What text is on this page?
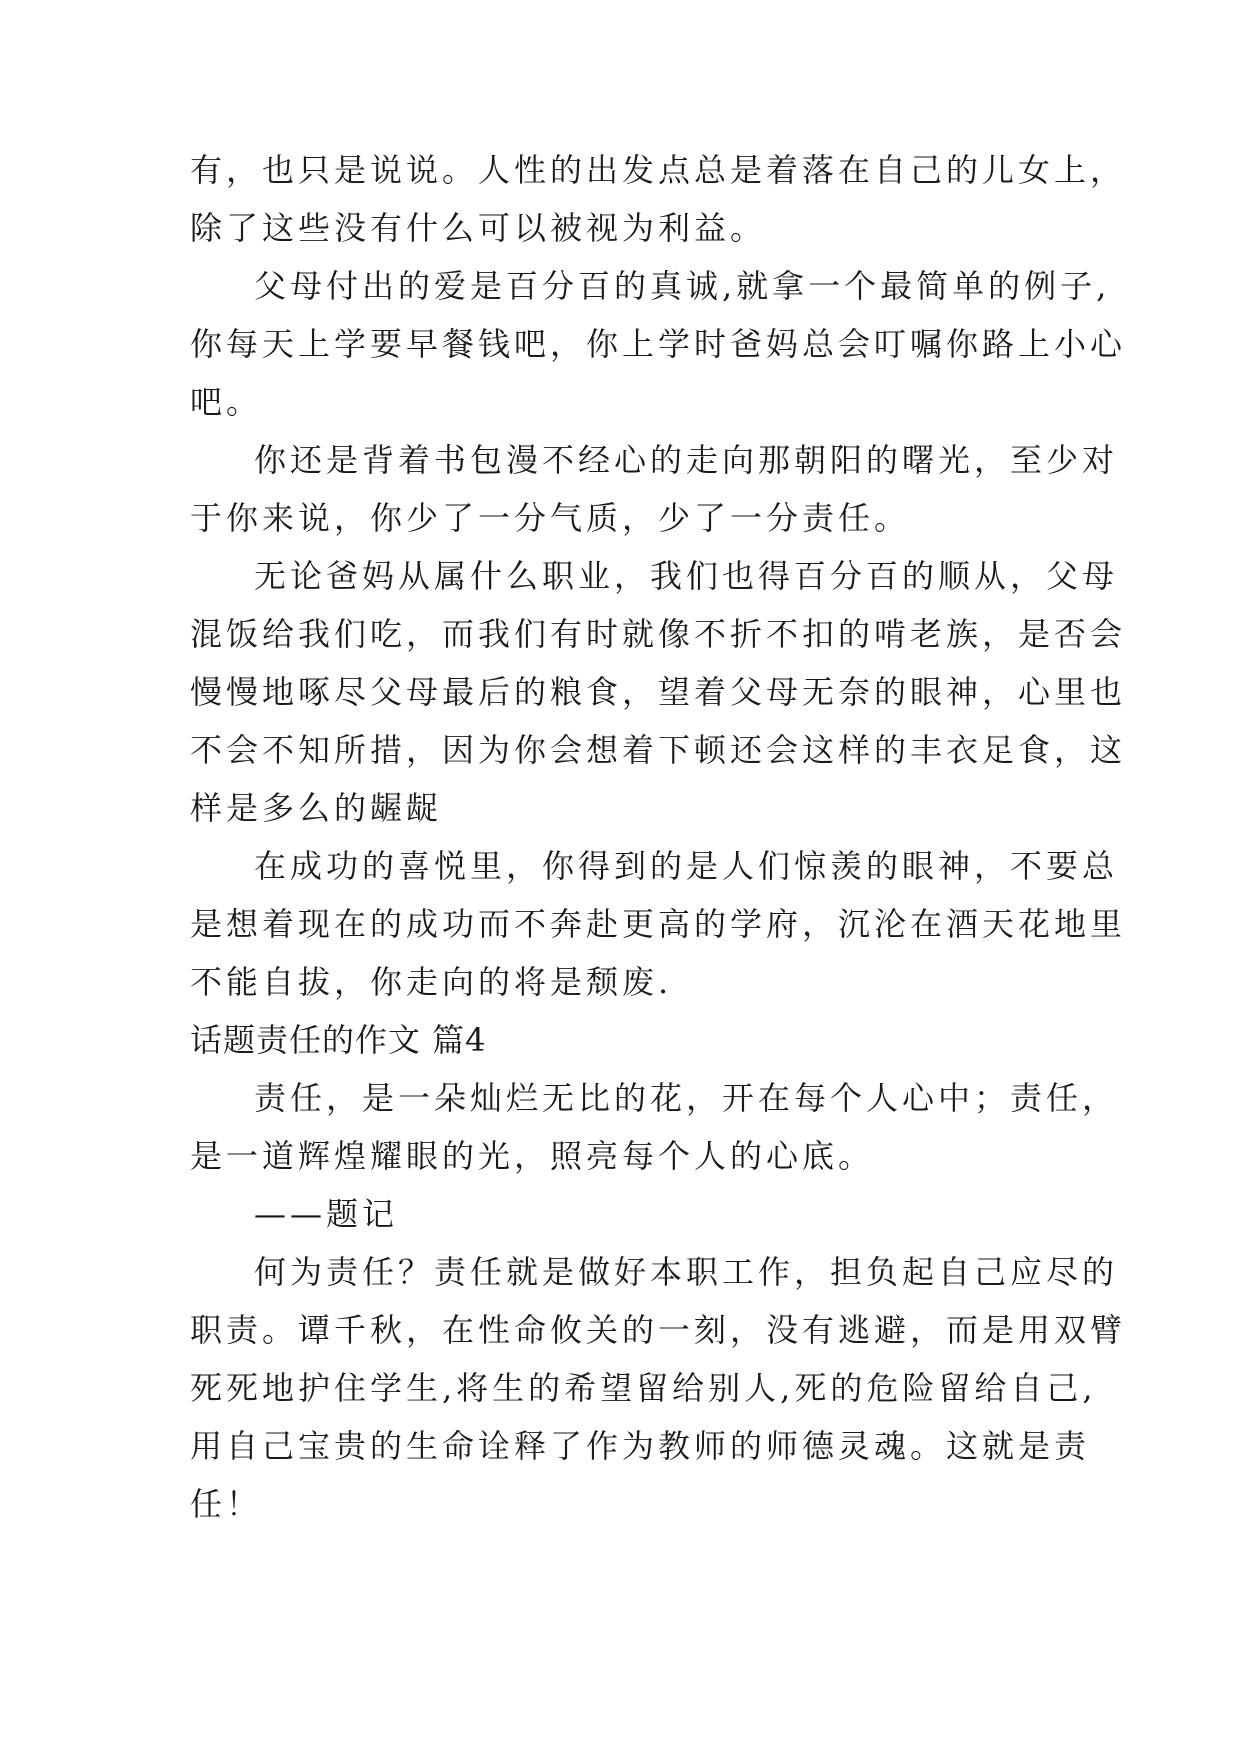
有，也只是说说。人性的出发点总是着落在自己的儿女上，
除了这些没有什么可以被视为利益。
父母付出的爱是百分百的真诚,就拿一个最简单的例子,
你每天上学要早餐钱吧，你上学时爸妈总会叮嘱你路上小心
吧。
你还是背着书包漫不经心的走向那朝阳的曙光，至少对
于你来说，你少了一分气质，少了一分责任。
无论爸妈从属什么职业，我们也得百分百的顺从，父母
混饭给我们吃，而我们有时就像不折不扣的啃老族，是否会
慢慢地啄尽父母最后的粮食，望着父母无奈的眼神，心里也
不会不知所措，因为你会想着下顿还会这样的丰衣足食，这
样是多么的龌龊
在成功的喜悦里，你得到的是人们惊羡的眼神，不要总
是想着现在的成功而不奔赴更高的学府，沉沦在酒天花地里
不能自拔，你走向的将是颓废.
话题责任的作文 篇4
责任，是一朵灿烂无比的花，开在每个人心中；责任，
是一道辉煌耀眼的光，照亮每个人的心底。
——题记
何为责任？责任就是做好本职工作，担负起自己应尽的
职责。谭千秋，在性命攸关的一刻，没有逃避，而是用双臂
死死地护住学生,将生的希望留给别人,死的危险留给自己,
用自己宝贵的生命诠释了作为教师的师德灵魂。这就是责
任！
